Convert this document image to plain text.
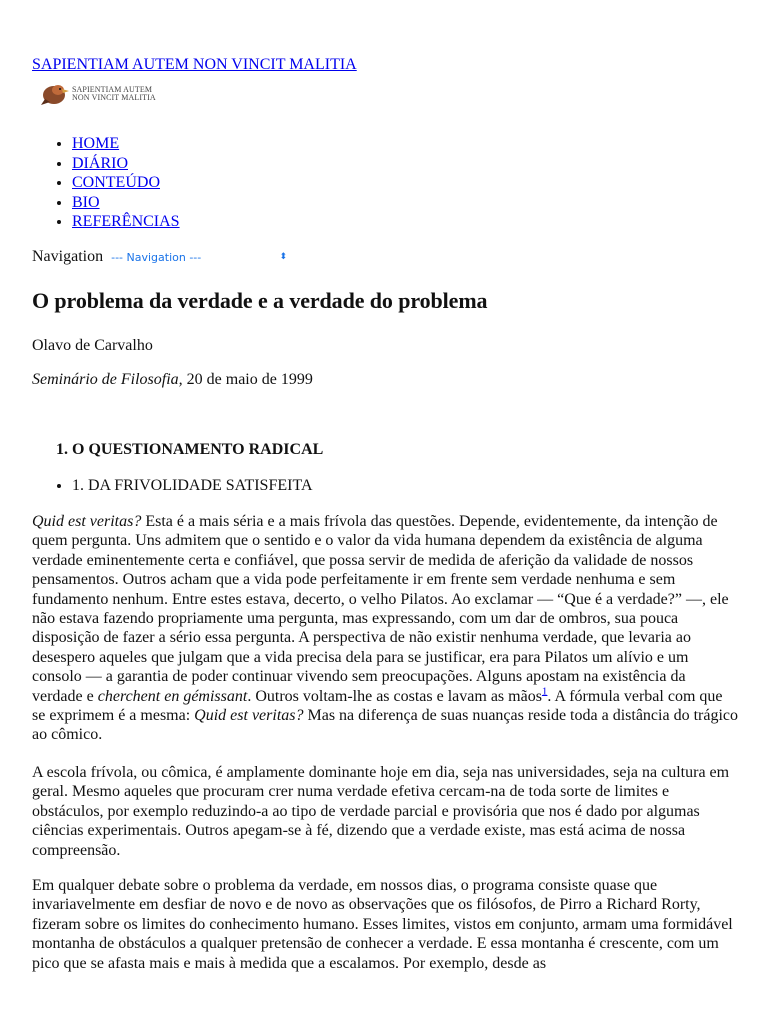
SAPIENTIAM AUTEM NON VINCIT MALITIA
SAPIENTIAM AUTEM
NON VINCIT MALITIA
• HOME
• DIÁRIO
• CONTEÚDO
• BIO
• REFERÊNCIAS
Navigation --- Navigation ---	⬍
O problema da verdade e a verdade do problema

Olavo de Carvalho

Seminário de Filosofia, 20 de maio de 1999

1. O QUESTIONAMENTO RADICAL
• 1. DA FRIVOLIDADE SATISFEITA

Quid est veritas? Esta é a mais séria e a mais frívola das questões. Depende, evidentemente, da intenção de quem pergunta. Uns admitem que o sentido e o valor da vida humana dependem da existência de alguma verdade eminentemente certa e confiável, que possa servir de medida de aferição da validade de nossos pensamentos. Outros acham que a vida pode perfeitamente ir em frente sem verdade nenhuma e sem fundamento nenhum. Entre estes estava, decerto, o velho Pilatos. Ao exclamar — “Que é a verdade?” —, ele não estava fazendo propriamente uma pergunta, mas expressando, com um dar de ombros, sua pouca disposição de fazer a sério essa pergunta. A perspectiva de não existir nenhuma verdade, que levaria ao desespero aqueles que julgam que a vida precisa dela para se justificar, era para Pilatos um alívio e um consolo — a garantia de poder continuar vivendo sem preocupações. Alguns apostam na existência da verdade e cherchent en gémissant. Outros voltam-lhe as costas e lavam as mãos$^1$. A fórmula verbal com que se exprimem é a mesma: Quid est veritas? Mas na diferença de suas nuanças reside toda a distância do trágico ao cômico.

A escola frívola, ou cômica, é amplamente dominante hoje em dia, seja nas universidades, seja na cultura em geral. Mesmo aqueles que procuram crer numa verdade efetiva cercam-na de toda sorte de limites e obstáculos, por exemplo reduzindo-a ao tipo de verdade parcial e provisória que nos é dado por algumas ciências experimentais. Outros apegam-se à fé, dizendo que a verdade existe, mas está acima de nossa compreensão.

Em qualquer debate sobre o problema da verdade, em nossos dias, o programa consiste quase que invariavelmente em desfiar de novo e de novo as observações que os filósofos, de Pirro a Richard Rorty, fizeram sobre os limites do conhecimento humano. Esses limites, vistos em conjunto, armam uma formidável montanha de obstáculos a qualquer pretensão de conhecer a verdade. E essa montanha é crescente, com um pico que se afasta mais e mais à medida que a escalamos. Por exemplo, desde as
